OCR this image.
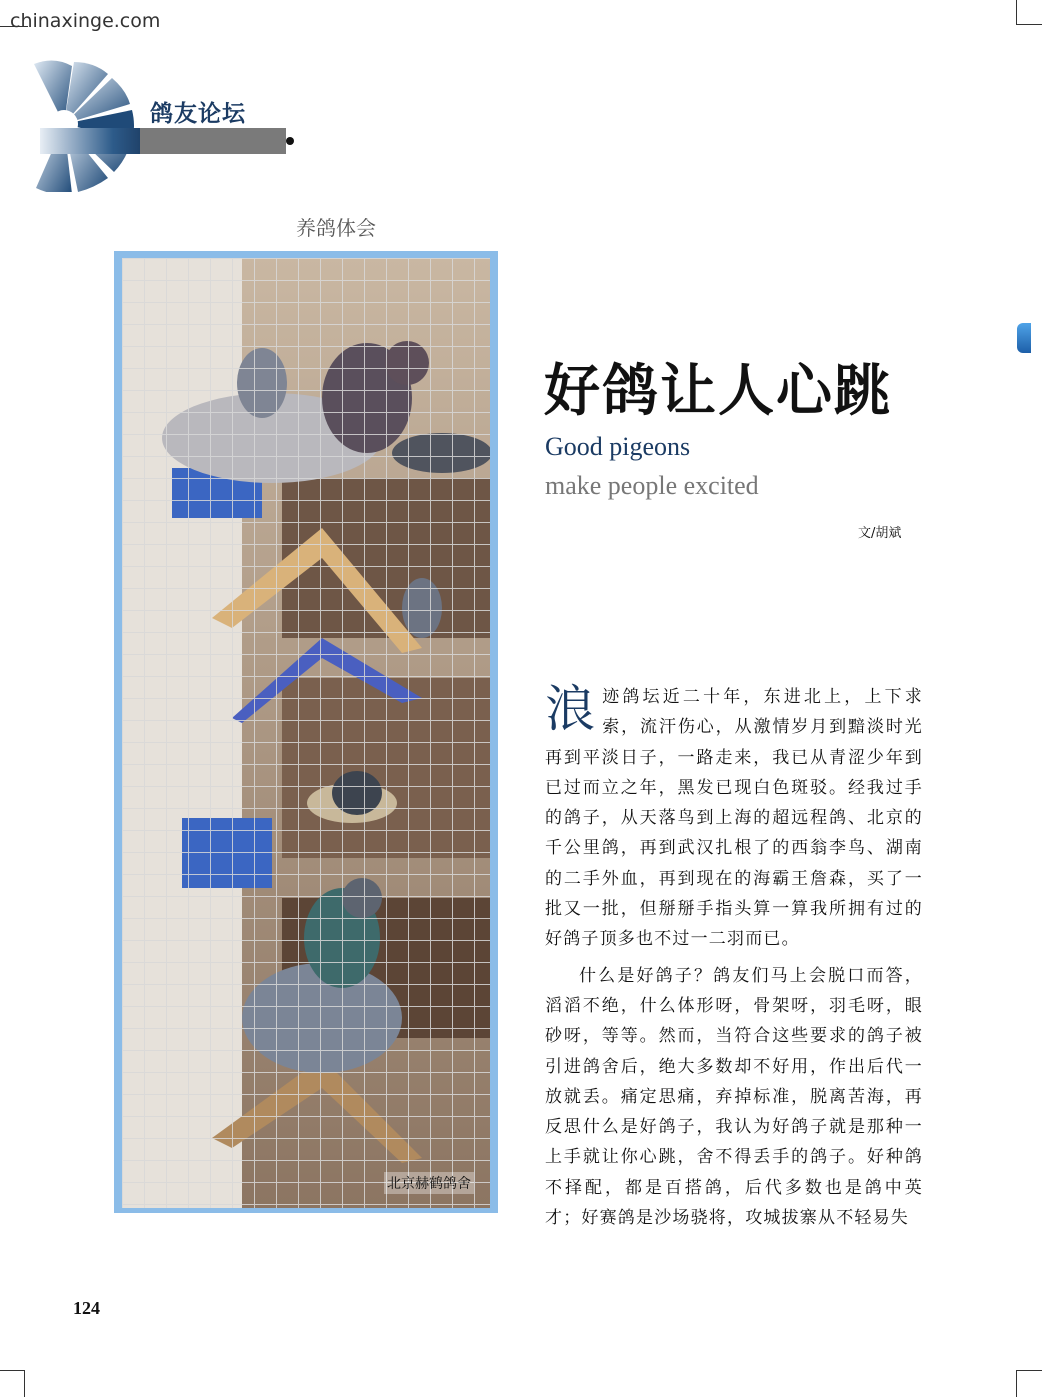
chinaxinge.com
鸽友论坛
养鸽体会
北京赫鹤鸽舍
好鸽让人心跳
Good pigeons
make people excited
文/胡斌

浪迹鸽坛近二十年，东进北上，上下求索，流汗伤心，从激情岁月到黯淡时光再到平淡日子，一路走来，我已从青涩少年到已过而立之年，黑发已现白色斑驳。经我过手的鸽子，从天落鸟到上海的超远程鸽、北京的千公里鸽，再到武汉扎根了的西翁李鸟、湖南的二手外血，再到现在的海霸王詹森，买了一批又一批，但掰掰手指头算一算我所拥有过的好鸽子顶多也不过一二羽而已。

什么是好鸽子？鸽友们马上会脱口而答，滔滔不绝，什么体形呀，骨架呀，羽毛呀，眼砂呀，等等。然而，当符合这些要求的鸽子被引进鸽舍后，绝大多数却不好用，作出后代一放就丢。痛定思痛，弃掉标准，脱离苦海，再反思什么是好鸽子，我认为好鸽子就是那种一上手就让你心跳，舍不得丢手的鸽子。好种鸽不择配，都是百搭鸽，后代多数也是鸽中英才；好赛鸽是沙场骁将，攻城拔寨从不轻易失

124
